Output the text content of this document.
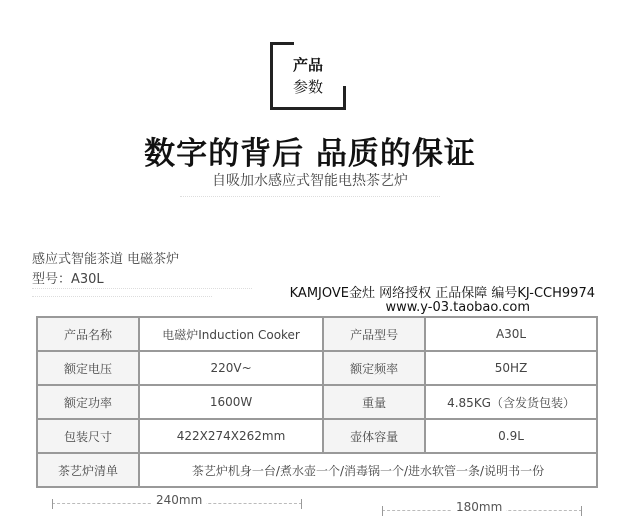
产品
参数
数字的背后 品质的保证
自吸加水感应式智能电热茶艺炉
感应式智能茶道 电磁茶炉
型号：A30L
KAMJOVE金灶 网络授权 正品保障 编号KJ-CCH9974
www.y-03.taobao.com
产品名称	电磁炉Induction Cooker	产品型号	A30L
额定电压	220V~	额定频率	50HZ
额定功率	1600W	重量	4.85KG（含发货包装）
包装尺寸	422X274X262mm	壶体容量	0.9L
茶艺炉清单	茶艺炉机身一台/煮水壶一个/消毒锅一个/进水软管一条/说明书一份		
240mm	180mm
